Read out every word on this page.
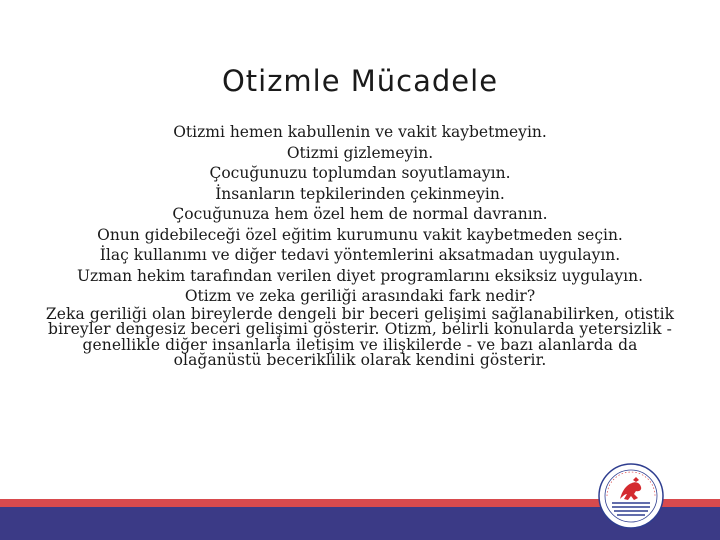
Otizmle Mücadele
Otizmi hemen kabullenin ve vakit kaybetmeyin.
Otizmi gizlemeyin.
Çocuğunuzu toplumdan soyutlamayın.
İnsanların tepkilerinden çekinmeyin.
Çocuğunuza hem özel hem de normal davranın.
Onun gidebileceği özel eğitim kurumunu vakit kaybetmeden seçin.
İlaç kullanımı ve diğer tedavi yöntemlerini aksatmadan uygulayın.
Uzman hekim tarafından verilen diyet programlarını eksiksiz uygulayın.
Otizm ve zeka geriliği arasındaki fark nedir?
Zeka geriliği olan bireylerde dengeli bir beceri gelişimi sağlanabilirken, otistik bireyler dengesiz beceri gelişimi gösterir. Otizm, belirli konularda yetersizlik - genellikle diğer insanlarla iletişim ve ilişkilerde - ve bazı alanlarda da olağanüstü beceriklilik olarak kendini gösterir.
